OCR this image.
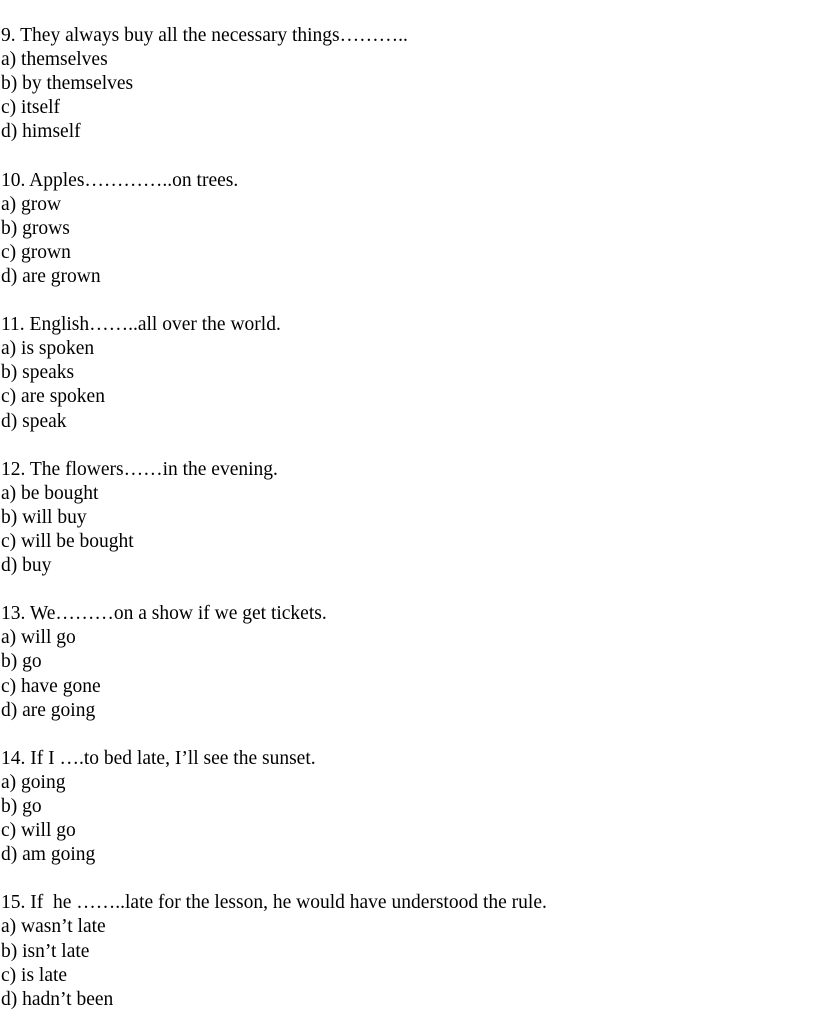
9. They always buy all the necessary things………..
a) themselves
b) by themselves
c) itself
d) himself
10. Apples…………..on trees.
a) grow
b) grows
c) grown
d) are grown
11. English……..all over the world.
a) is spoken
b) speaks
c) are spoken
d) speak
12. The flowers……in the evening.
a) be bought
b) will buy
c) will be bought
d) buy
13. We………on a show if we get tickets.
a) will go
b) go
c) have gone
d) are going
14. If I ….to bed late, I’ll see the sunset.
a) going
b) go
c) will go
d) am going
15. If  he ……..late for the lesson, he would have understood the rule.
a) wasn’t late
b) isn’t late
c) is late
d) hadn’t been
